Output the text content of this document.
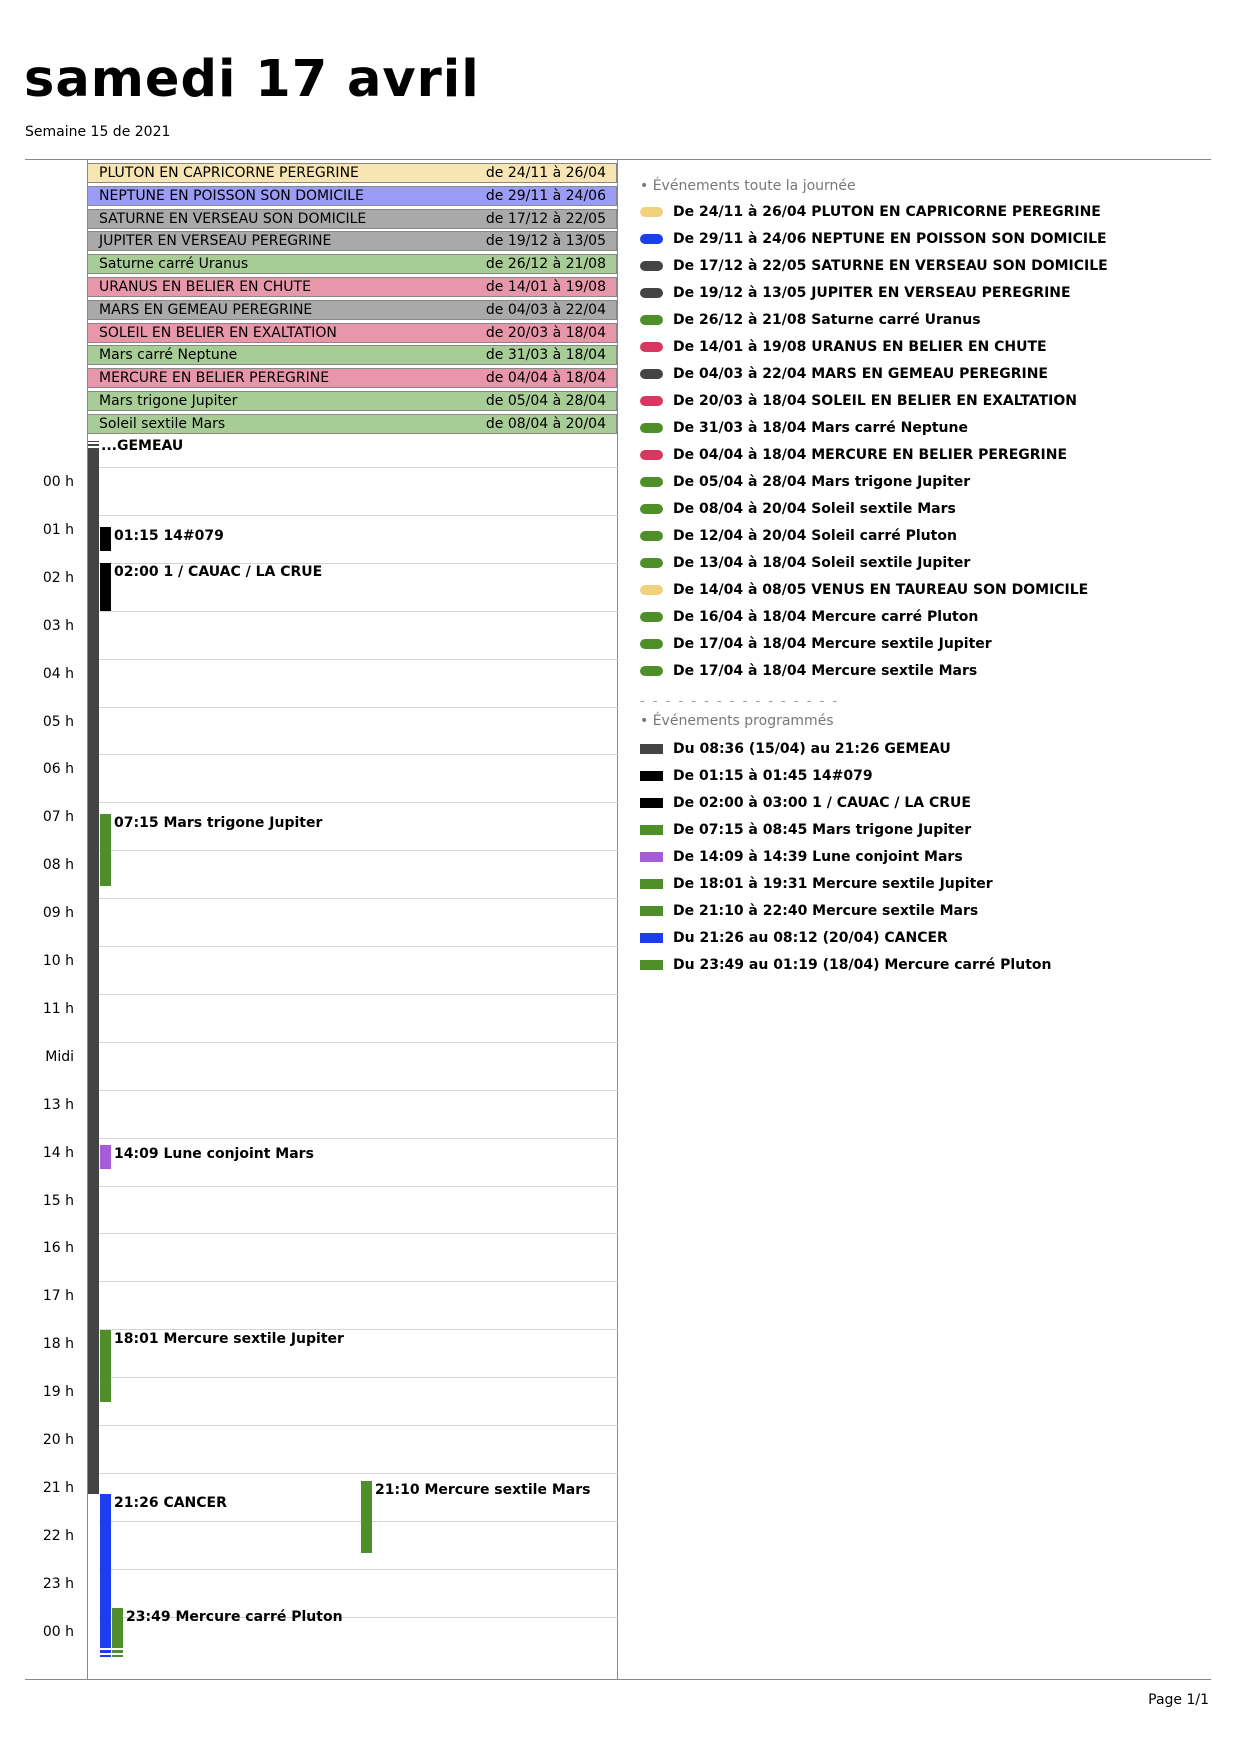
samedi 17 avril
Semaine 15 de 2021
PLUTON EN CAPRICORNE PEREGRINE	de 24/11 à 26/04
NEPTUNE EN POISSON SON DOMICILE	de 29/11 à 24/06
SATURNE EN VERSEAU SON DOMICILE	de 17/12 à 22/05
JUPITER EN VERSEAU PEREGRINE	de 19/12 à 13/05
Saturne carré Uranus	de 26/12 à 21/08
URANUS EN BELIER EN CHUTE	de 14/01 à 19/08
MARS EN GEMEAU PEREGRINE	de 04/03 à 22/04
SOLEIL EN BELIER EN EXALTATION	de 20/03 à 18/04
Mars carré Neptune	de 31/03 à 18/04
MERCURE EN BELIER PEREGRINE	de 04/04 à 18/04
Mars trigone Jupiter	de 05/04 à 28/04
Soleil sextile Mars	de 08/04 à 20/04
00 h
01 h
02 h
03 h
04 h
05 h
06 h
07 h
08 h
09 h
10 h
11 h
Midi
13 h
14 h
15 h
16 h
17 h
18 h
19 h
20 h
21 h
22 h
23 h
00 h
...GEMEAU
01:15 14#079
02:00 1 / CAUAC / LA CRUE
07:15 Mars trigone Jupiter
14:09 Lune conjoint Mars
18:01 Mercure sextile Jupiter
21:10 Mercure sextile Mars
21:26 CANCER
23:49 Mercure carré Pluton
• Événements toute la journée
De 24/11 à 26/04 PLUTON EN CAPRICORNE PEREGRINE
De 29/11 à 24/06 NEPTUNE EN POISSON SON DOMICILE
De 17/12 à 22/05 SATURNE EN VERSEAU SON DOMICILE
De 19/12 à 13/05 JUPITER EN VERSEAU PEREGRINE
De 26/12 à 21/08 Saturne carré Uranus
De 14/01 à 19/08 URANUS EN BELIER EN CHUTE
De 04/03 à 22/04 MARS EN GEMEAU PEREGRINE
De 20/03 à 18/04 SOLEIL EN BELIER EN EXALTATION
De 31/03 à 18/04 Mars carré Neptune
De 04/04 à 18/04 MERCURE EN BELIER PEREGRINE
De 05/04 à 28/04 Mars trigone Jupiter
De 08/04 à 20/04 Soleil sextile Mars
De 12/04 à 20/04 Soleil carré Pluton
De 13/04 à 18/04 Soleil sextile Jupiter
De 14/04 à 08/05 VENUS EN TAUREAU SON DOMICILE
De 16/04 à 18/04 Mercure carré Pluton
De 17/04 à 18/04 Mercure sextile Jupiter
De 17/04 à 18/04 Mercure sextile Mars
- - - - - - - - - - - - - - - -
• Événements programmés
Du 08:36 (15/04) au 21:26 GEMEAU
De 01:15 à 01:45 14#079
De 02:00 à 03:00 1 / CAUAC / LA CRUE
De 07:15 à 08:45 Mars trigone Jupiter
De 14:09 à 14:39 Lune conjoint Mars
De 18:01 à 19:31 Mercure sextile Jupiter
De 21:10 à 22:40 Mercure sextile Mars
Du 21:26 au 08:12 (20/04) CANCER
Du 23:49 au 01:19 (18/04) Mercure carré Pluton
Page 1/1
